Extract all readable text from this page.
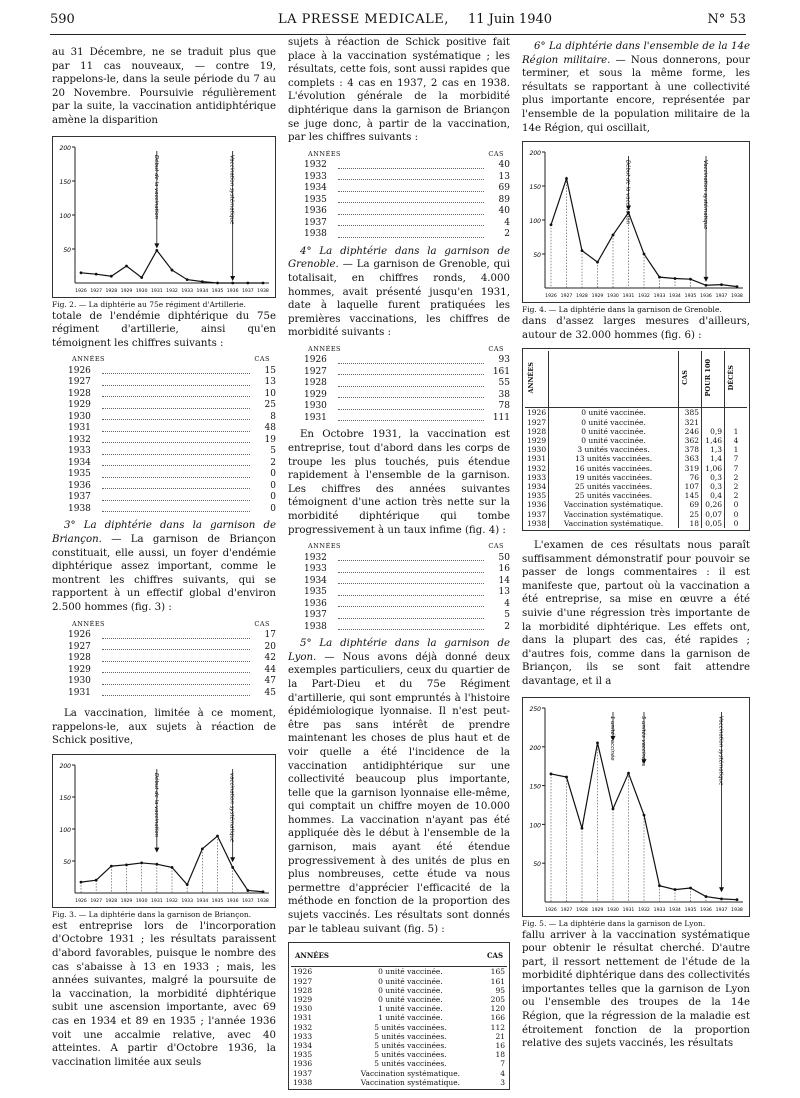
590	LA PRESSE MEDICALE, 11 Juin 1940	N° 53

au 31 Décembre, ne se traduit plus que par 11 cas nouveaux, — contre 19, rappelons-le, dans la seule période du 7 au 20 Novembre. Poursuivie régulièrement par la suite, la vaccination antidiphtérique amène la disparition

200
150
100
50
1926 1927 1928 1929 1930 1931 1932 1933 1934 1935 1936 1937 1938
Début de la vaccination	Vaccination systématique

Fig. 2. — La diphtérie au 75e régiment d'Artillerie.

totale de l'endémie diphtérique du 75e régiment d'artillerie, ainsi qu'en témoignent les chiffres suivants :

ANNÉES	CAS
1926	15
1927	13
1928	10
1929	25
1930	8
1931	48
1932	19
1933	5
1934	2
1935	0
1936	0
1937	0
1938	0

3° La diphtérie dans la garnison de Briançon. — La garnison de Briançon constituait, elle aussi, un foyer d'endémie diphtérique assez important, comme le montrent les chiffres suivants, qui se rapportent à un effectif global d'environ 2.500 hommes (fig. 3) :

ANNÉES	CAS
1926	17
1927	20
1928	42
1929	44
1930	47
1931	45

La vaccination, limitée à ce moment, rappelons-le, aux sujets à réaction de Schick positive,

200
150
100
50
1926 1927 1928 1929 1930 1931 1932 1933 1934 1935 1936 1937 1938
Début de la vaccination	vaccination systématique

Fig. 3. — La diphtérie dans la garnison de Briançon.

est entreprise lors de l'incorporation d'Octobre 1931 ; les résultats paraissent d'abord favorables, puisque le nombre des cas s'abaisse à 13 en 1933 ; mais, les années suivantes, malgré la poursuite de la vaccination, la morbidité diphtérique subit une ascension importante, avec 69 cas en 1934 et 89 en 1935 ; l'année 1936 voit une accalmie relative, avec 40 atteintes. A partir d'Octobre 1936, la vaccination limitée aux seuls

sujets à réaction de Schick positive fait place à la vaccination systématique ; les résultats, cette fois, sont aussi rapides que complets : 4 cas en 1937, 2 cas en 1938. L'évolution générale de la morbidité diphtérique dans la garnison de Briançon se juge donc, à partir de la vaccination, par les chiffres suivants :

ANNÉES	CAS
1932	40
1933	13
1934	69
1935	89
1936	40
1937	4
1938	2

4° La diphtérie dans la garnison de Grenoble. — La garnison de Grenoble, qui totalisait, en chiffres ronds, 4.000 hommes, avait présenté jusqu'en 1931, date à laquelle furent pratiquées les premières vaccinations, les chiffres de morbidité suivants :

ANNÉES	CAS
1926	93
1927	161
1928	55
1929	38
1930	78
1931	111

En Octobre 1931, la vaccination est entreprise, tout d'abord dans les corps de troupe les plus touchés, puis étendue rapidement à l'ensemble de la garnison. Les chiffres des années suivantes témoignent d'une action très nette sur la morbidité diphtérique qui tombe progressivement à un taux infime (fig. 4) :

ANNÉES	CAS
1932	50
1933	16
1934	14
1935	13
1936	4
1937	5
1938	2

5° La diphtérie dans la garnison de Lyon. — Nous avons déjà donné deux exemples particuliers, ceux du quartier de la Part-Dieu et du 75e Régiment d'artillerie, qui sont empruntés à l'histoire épidémiologique lyonnaise. Il n'est peut-être pas sans intérêt de prendre maintenant les choses de plus haut et de voir quelle a été l'incidence de la vaccination antidiphtérique sur une collectivité beaucoup plus importante, telle que la garnison lyonnaise elle-même, qui comptait un chiffre moyen de 10.000 hommes. La vaccination n'ayant pas été appliquée dès le début à l'ensemble de la garnison, mais ayant été étendue progressivement à des unités de plus en plus nombreuses, cette étude va nous permettre d'apprécier l'efficacité de la méthode en fonction de la proportion des sujets vaccinés. Les résultats sont donnés par le tableau suivant (fig. 5) :

ANNÉES		CAS
1926	0 unité vaccinée.	165
1927	0 unité vaccinée.	161
1928	0 unité vaccinée.	95
1929	0 unité vaccinée.	205
1930	1 unité vaccinée.	120
1931	1 unité vaccinée.	166
1932	5 unités vaccinées.	112
1933	5 unités vaccinées.	21
1934	5 unités vaccinées.	16
1935	5 unités vaccinées.	18
1936	5 unités vaccinées.	7
1937	Vaccination systématique.	4
1938	Vaccination systématique.	3

6° La diphtérie dans l'ensemble de la 14e Région militaire. — Nous donnerons, pour terminer, et sous la même forme, les résultats se rapportant à une collectivité plus importante encore, représentée par l'ensemble de la population militaire de la 14e Région, qui oscillait,

200
150
100
50
1926 1927 1928 1929 1930 1931 1932 1933 1934 1935 1936 1937 1938
Début de la vaccination	Vaccination systématique

Fig. 4. — La diphtérie dans la garnison de Grenoble.

dans d'assez larges mesures d'ailleurs, autour de 32.000 hommes (fig. 6) :

ANNÉES		CAS	POUR 100	DÉCÈS
1926	0 unité vaccinée.	385		
1927	0 unité vaccinée.	321		
1928	0 unité vaccinée.	246	0,9	1
1929	0 unité vaccinée.	362	1,46	4
1930	3 unités vaccinées.	378	1,3	1
1931	13 unités vaccinées.	363	1,4	7
1932	16 unités vaccinées.	319	1,06	7
1933	19 unités vaccinées.	76	0,3	2
1934	25 unités vaccinées.	107	0,3	2
1935	25 unités vaccinées.	145	0,4	2
1936	Vaccination systématique.	69	0,26	0
1937	Vaccination systématique.	25	0,07	0
1938	Vaccination systématique.	18	0,05	0

L'examen de ces résultats nous paraît suffisamment démonstratif pour pouvoir se passer de longs commentaires : il est manifeste que, partout où la vaccination a été entreprise, sa mise en œuvre a été suivie d'une régression très importante de la morbidité diphtérique. Les effets ont, dans la plupart des cas, été rapides ; d'autres fois, comme dans la garnison de Briançon, ils se sont fait attendre davantage, et il a

250
200
150
100
50
1926 1927 1928 1929 1930 1931 1932 1933 1934 1935 1936 1937 1938
1 unité vaccinée	5 unités vaccinées	Vaccination systématique

Fig. 5. — La diphtérie dans la garnison de Lyon.

fallu arriver à la vaccination systématique pour obtenir le résultat cherché. D'autre part, il ressort nettement de l'étude de la morbidité diphtérique dans des collectivités importantes telles que la garnison de Lyon ou l'ensemble des troupes de la 14e Région, que la régression de la maladie est étroitement fonction de la proportion relative des sujets vaccinés, les résultats
